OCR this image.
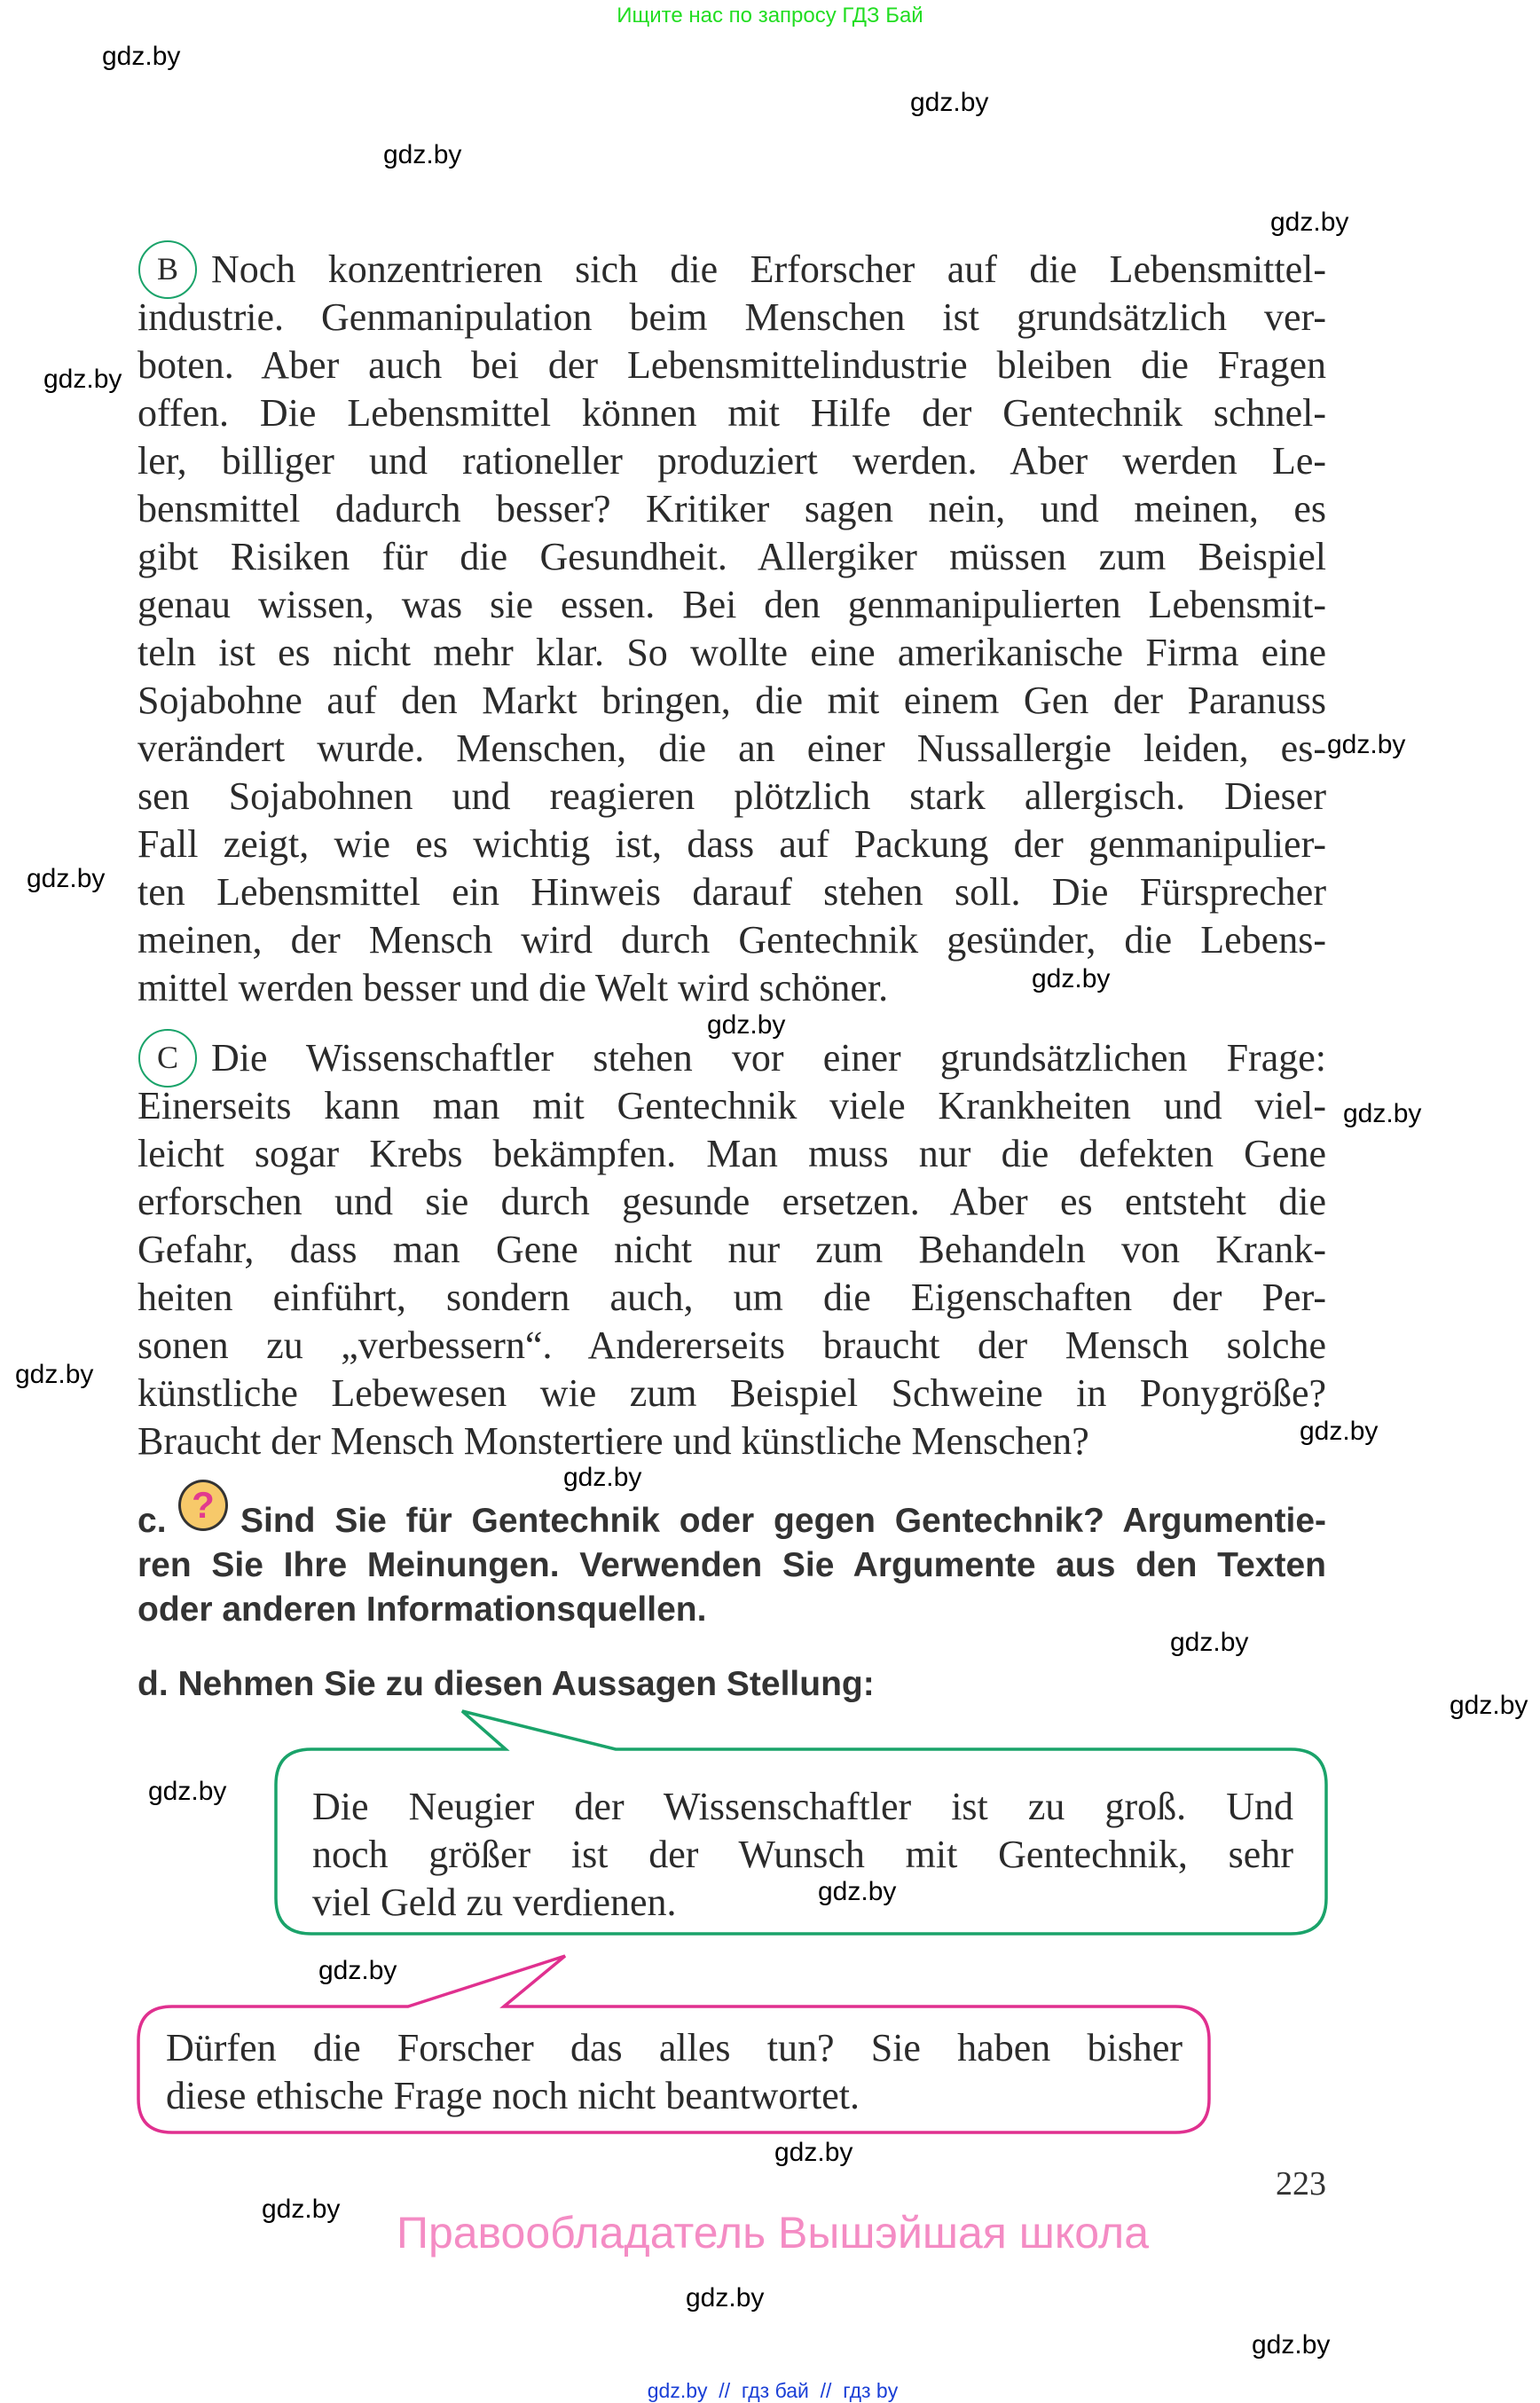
Ищите нас по запросу ГДЗ Бай
gdz.by
gdz.by
gdz.by
gdz.by
gdz.by
gdz.by
gdz.by
gdz.by
gdz.by
gdz.by
gdz.by
gdz.by
gdz.by
gdz.by
gdz.by
gdz.by
gdz.by
gdz.by
gdz.by
gdz.by
gdz.by
gdz.by
B Noch konzentrieren sich die Erforscher auf die Lebensmittel-
industrie. Genmanipulation beim Menschen ist grundsätzlich ver-
boten. Aber auch bei der Lebensmittelindustrie bleiben die Fragen
offen. Die Lebensmittel können mit Hilfe der Gentechnik schnel-
ler, billiger und rationeller produziert werden. Aber werden Le-
bensmittel dadurch besser? Kritiker sagen nein, und meinen, es
gibt Risiken für die Gesundheit. Allergiker müssen zum Beispiel
genau wissen, was sie essen. Bei den genmanipulierten Lebensmit-
teln ist es nicht mehr klar. So wollte eine amerikanische Firma eine
Sojabohne auf den Markt bringen, die mit einem Gen der Paranuss
verändert wurde. Menschen, die an einer Nussallergie leiden, es-
sen Sojabohnen und reagieren plötzlich stark allergisch. Dieser
Fall zeigt, wie es wichtig ist, dass auf Packung der genmanipulier-
ten Lebensmittel ein Hinweis darauf stehen soll. Die Fürsprecher
meinen, der Mensch wird durch Gentechnik gesünder, die Lebens-
mittel werden besser und die Welt wird schöner.
C Die Wissenschaftler stehen vor einer grundsätzlichen Frage:
Einerseits kann man mit Gentechnik viele Krankheiten und viel-
leicht sogar Krebs bekämpfen. Man muss nur die defekten Gene
erforschen und sie durch gesunde ersetzen. Aber es entsteht die
Gefahr, dass man Gene nicht nur zum Behandeln von Krank-
heiten einführt, sondern auch, um die Eigenschaften der Per-
sonen zu „verbessern“. Andererseits braucht der Mensch solche
künstliche Lebewesen wie zum Beispiel Schweine in Ponygröße?
Braucht der Mensch Monstertiere und künstliche Menschen?
c. ? Sind Sie für Gentechnik oder gegen Gentechnik? Argumentie-
ren Sie Ihre Meinungen. Verwenden Sie Argumente aus den Texten
oder anderen Informationsquellen.
d. Nehmen Sie zu diesen Aussagen Stellung:
Die Neugier der Wissenschaftler ist zu groß. Und
noch größer ist der Wunsch mit Gentechnik, sehr
viel Geld zu verdienen.
Dürfen die Forscher das alles tun? Sie haben bisher
diese ethische Frage noch nicht beantwortet.
223
Правообладатель Вышэйшая школа
gdz.by  //  гдз бай  //  гдз by
